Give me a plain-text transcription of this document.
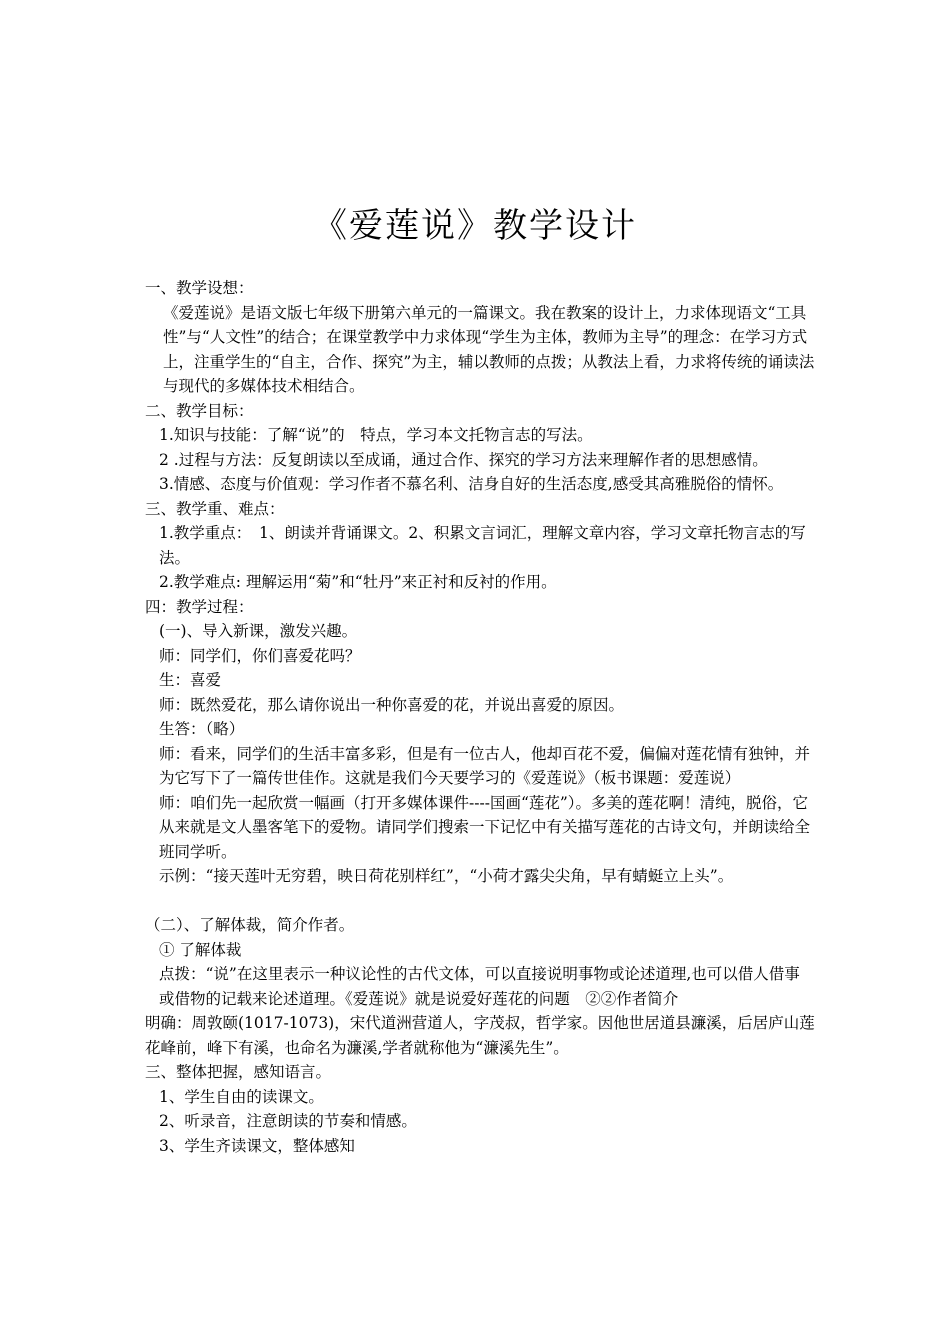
《爱莲说》教学设计

一、教学设想：

《爱莲说》是语文版七年级下册第六单元的一篇课文。我在教案的设计上，力求体现语文“工具性”与“人文性”的结合；在课堂教学中力求体现“学生为主体，教师为主导”的理念：在学习方式上，注重学生的“自主，合作、探究”为主，辅以教师的点拨；从教法上看，力求将传统的诵读法与现代的多媒体技术相结合。

二、教学目标：

1.知识与技能：了解“说”的　特点，学习本文托物言志的写法。

2 .过程与方法：反复朗读以至成诵，通过合作、探究的学习方法来理解作者的思想感情。

3.情感、态度与价值观：学习作者不慕名利、洁身自好的生活态度,感受其高雅脱俗的情怀。

三、教学重、难点：

1.教学重点：　1、朗读并背诵课文。2、积累文言词汇，理解文章内容，学习文章托物言志的写法。

2.教学难点: 理解运用“菊”和“牡丹”来正衬和反衬的作用。

四：教学过程：

(一)、导入新课，激发兴趣。

师：同学们，你们喜爱花吗？

生：喜爱

师：既然爱花，那么请你说出一种你喜爱的花，并说出喜爱的原因。

生答：（略）

师：看来，同学们的生活丰富多彩，但是有一位古人，他却百花不爱，偏偏对莲花情有独钟，并为它写下了一篇传世佳作。这就是我们今天要学习的《爱莲说》（板书课题：爱莲说）

师：咱们先一起欣赏一幅画（打开多媒体课件----国画“莲花”）。多美的莲花啊！清纯，脱俗，它从来就是文人墨客笔下的爱物。请同学们搜索一下记忆中有关描写莲花的古诗文句，并朗读给全班同学听。

示例：“接天莲叶无穷碧，映日荷花别样红”，“小荷才露尖尖角，早有蜻蜓立上头”。

（二）、了解体裁，简介作者。

① 了解体裁

点拨：“说”在这里表示一种议论性的古代文体，可以直接说明事物或论述道理,也可以借人借事或借物的记载来论述道理。《爱莲说》就是说爱好莲花的问题　②②作者简介

明确：周敦颐(1017-1073)，宋代道洲营道人，字茂叔，哲学家。因他世居道县濂溪，后居庐山莲花峰前，峰下有溪，也命名为濂溪,学者就称他为“濂溪先生”。

三、整体把握，感知语言。

1、学生自由的读课文。

2、听录音，注意朗读的节奏和情感。

3、学生齐读课文，整体感知
